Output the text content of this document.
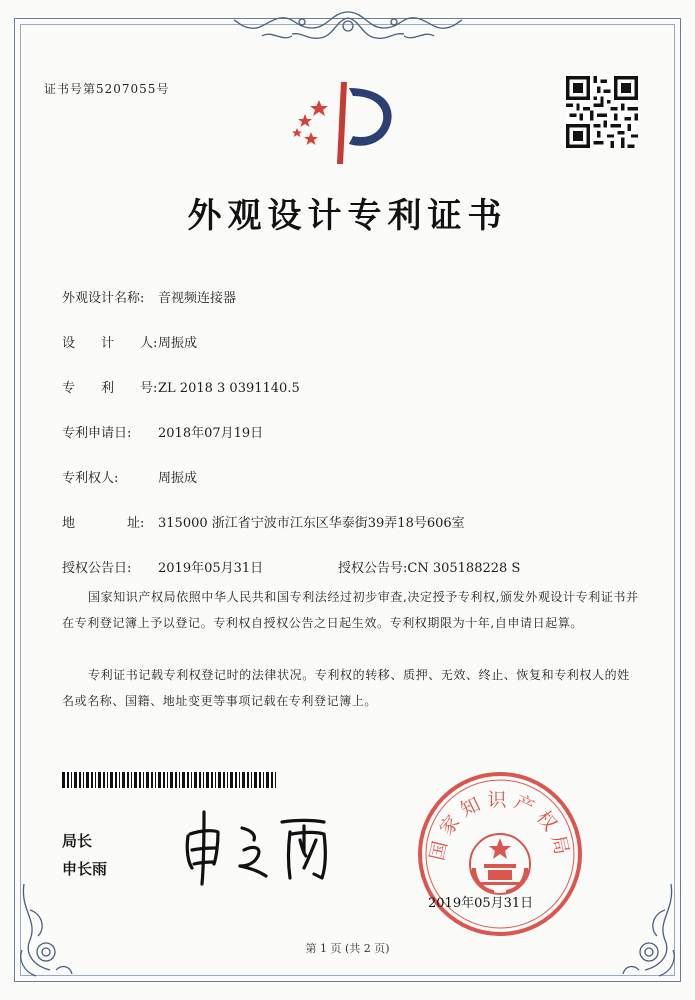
证书号第5207055号
外观设计专利证书
外观设计名称: 音视频连接器
设　　计　　人:周振成
专　　利　　号:ZL 2018 3 0391140.5
专利申请日: 2018年07月19日
专利权人:	周振成
地　　　　址: 315000 浙江省宁波市江东区华泰街39弄18号606室
授权公告日: 2019年05月31日	授权公告号:CN 305188228 S
国家知识产权局依照中华人民共和国专利法经过初步审查,决定授予专利权,颁发外观设计专利证书并在专利登记簿上予以登记。专利权自授权公告之日起生效。专利权期限为十年,自申请日起算。
专利证书记载专利权登记时的法律状况。专利权的转移、质押、无效、终止、恢复和专利权人的姓名或名称、国籍、地址变更等事项记载在专利登记簿上。
局长
申长雨
国家知识产权局
2019年05月31日
第 1 页 (共 2 页)
